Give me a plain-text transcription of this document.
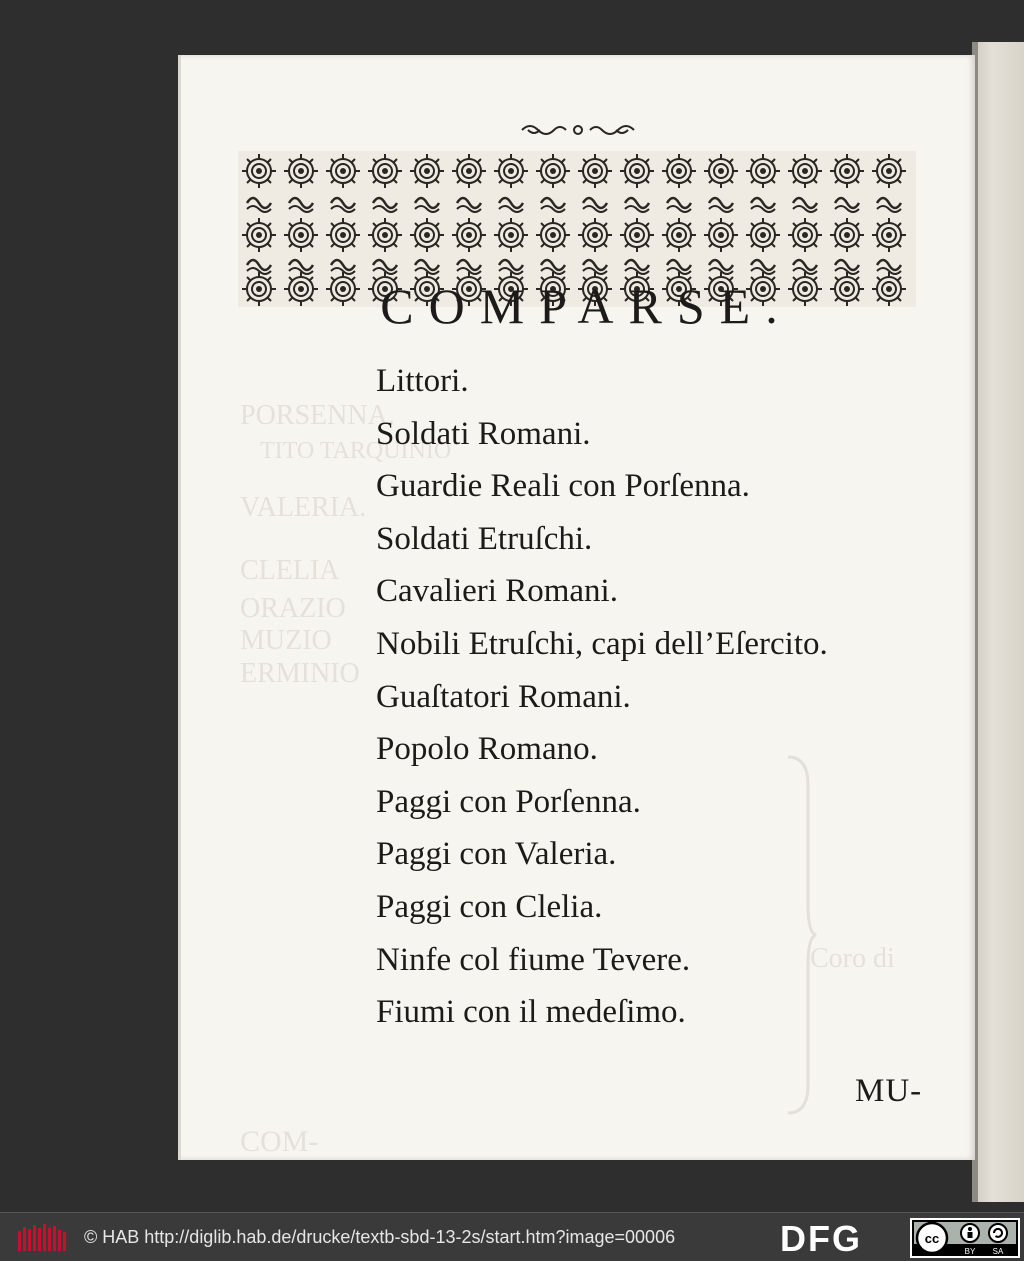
PORSENNA.
TITO TARQUINIO
VALERIA.
CLELIA
ORAZIO
MUZIO
ERMINIO
Coro di
COM-
COMPARSE.
Littori.
Soldati Romani.
Guardie Reali con Porſenna.
Soldati Etruſchi.
Cavalieri Romani.
Nobili Etruſchi, capi dell’Eſercito.
Guaſtatori Romani.
Popolo Romano.
Paggi con Porſenna.
Paggi con Valeria.
Paggi con Clelia.
Ninfe col fiume Tevere.
Fiumi con il medeſimo.
MU-
© HAB http://diglib.hab.de/drucke/textb-sbd-13-2s/start.htm?image=00006	DFG	cc
BY SA
